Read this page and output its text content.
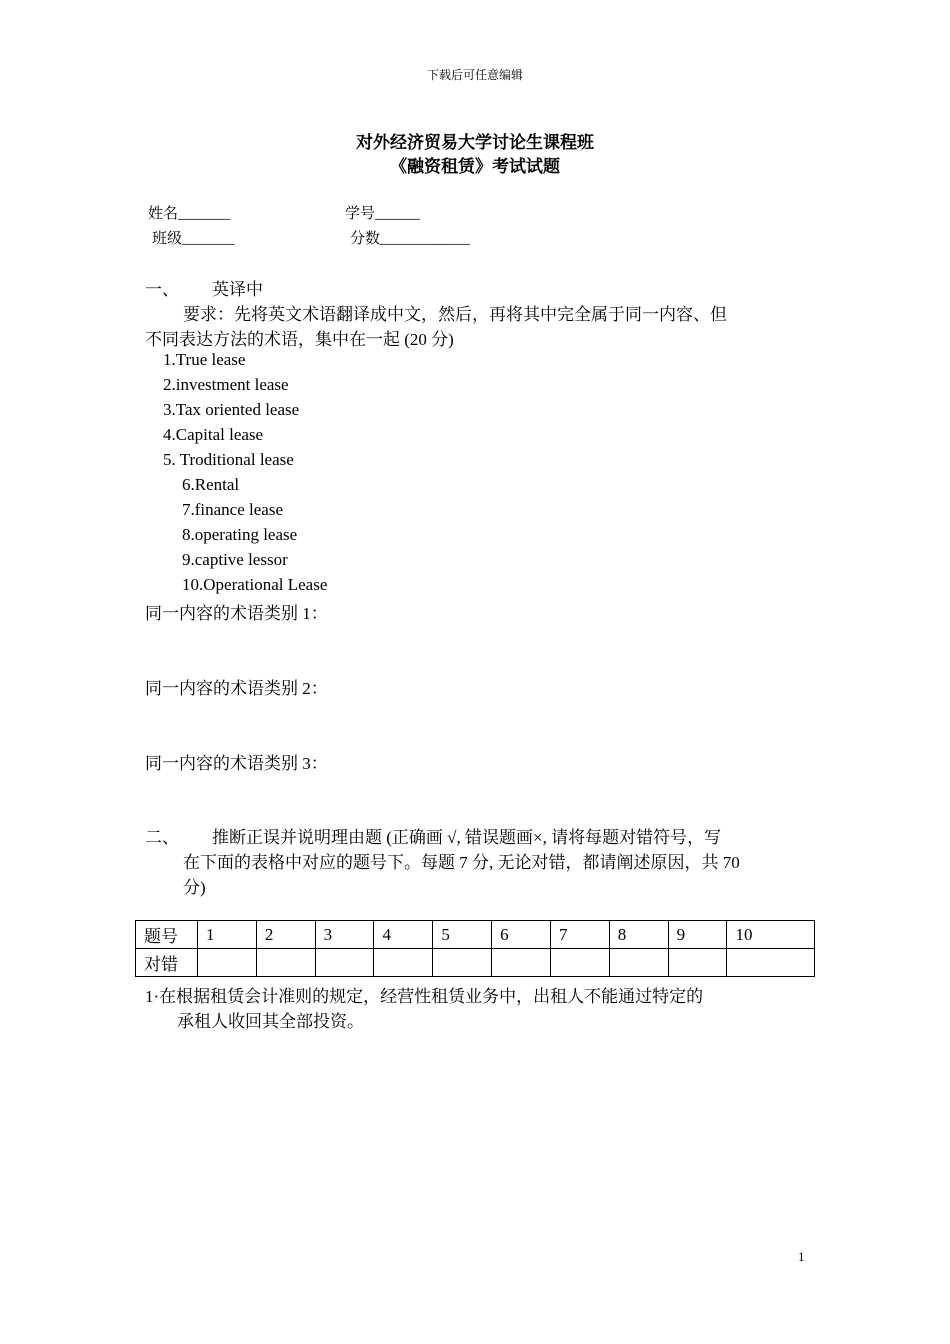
下载后可任意编辑
对外经济贸易大学讨论生课程班
《融资租赁》考试试题
姓名_______	学号______
班级_______	分数____________
一、 英译中
要求：先将英文术语翻译成中文，然后，再将其中完全属于同一内容、但
不同表达方法的术语，集中在一起 (20 分)
1.True lease
2.investment lease
3.Tax oriented lease
4.Capital lease
5. Troditional lease
6.Rental
7.finance lease
8.operating lease
9.captive lessor
10.Operational Lease
同一内容的术语类别 1：
同一内容的术语类别 2：
同一内容的术语类别 3：
二、 推断正误并说明理由题 (正确画 √, 错误题画×, 请将每题对错符号，写
在下面的表格中对应的题号下。每题 7 分, 无论对错，都请阐述原因，共 70
分)
题号	1	2	3	4	5	6	7	8	9	10
对错										
1·在根据租赁会计准则的规定，经营性租赁业务中，出租人不能通过特定的
承租人收回其全部投资。
1
